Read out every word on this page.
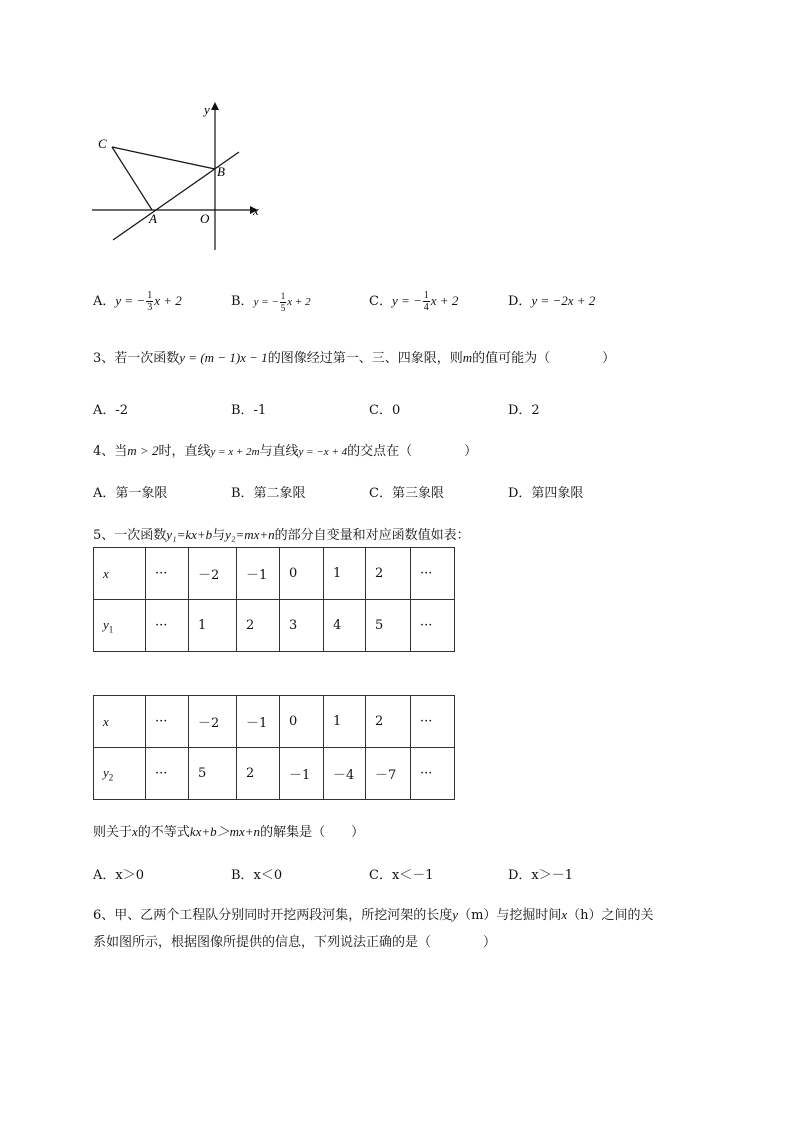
y
x
C
B
A	O
A．y = − $\frac{1}{3}$ x + 2	B．y = − $\frac{1}{5}$ x + 2	C．y = − $\frac{1}{4}$ x + 2	D．y = −2x + 2
3、若一次函数y = (m − 1)x − 1的图像经过第一、三、四象限，则m的值可能为（　　　　）
A．-2	B．-1	C．0	D．2
4、当m > 2时，直线y = x + 2m与直线y = −x + 4的交点在（　　　　）
A．第一象限	B．第二象限	C．第三象限	D．第四象限
5、一次函数y₁=kx+b与y₂=mx+n的部分自变量和对应函数值如表：
x	···	－2	－1	0	1	2	···
$y_1$	···	1	2	3	4	5	···
x	···	－2	－1	0	1	2	···
$y_2$	···	5	2	－1	－4	－7	···
则关于x的不等式kx+b＞mx+n的解集是（　　）
A．x＞0	B．x＜0	C．x＜－1	D．x＞－1
6、甲、乙两个工程队分别同时开挖两段河集，所挖河架的长度y（m）与挖掘时间x（h）之间的关
系如图所示，根据图像所提供的信息，下列说法正确的是（　　　　）
